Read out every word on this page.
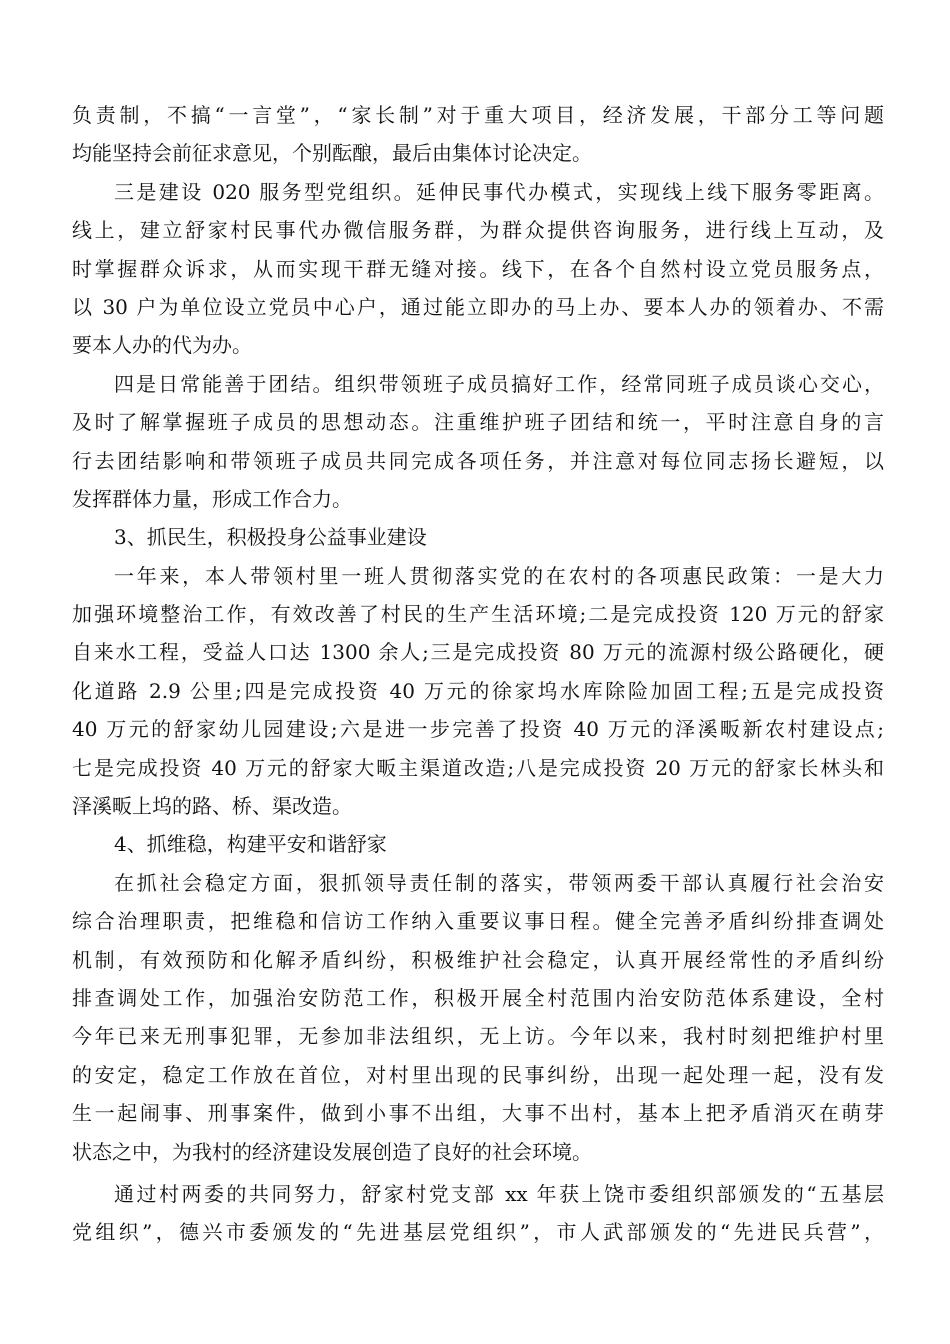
负责制，不搞“一言堂”，“家长制”对于重大项目，经济发展，干部分工等问题
均能坚持会前征求意见，个别酝酿，最后由集体讨论决定。
三是建设 020 服务型党组织。延伸民事代办模式，实现线上线下服务零距离。
线上，建立舒家村民事代办微信服务群，为群众提供咨询服务，进行线上互动，及
时掌握群众诉求，从而实现干群无缝对接。线下，在各个自然村设立党员服务点，
以 30 户为单位设立党员中心户，通过能立即办的马上办、要本人办的领着办、不需
要本人办的代为办。
四是日常能善于团结。组织带领班子成员搞好工作，经常同班子成员谈心交心，
及时了解掌握班子成员的思想动态。注重维护班子团结和统一，平时注意自身的言
行去团结影响和带领班子成员共同完成各项任务，并注意对每位同志扬长避短，以
发挥群体力量，形成工作合力。
3、抓民生，积极投身公益事业建设
一年来，本人带领村里一班人贯彻落实党的在农村的各项惠民政策：一是大力
加强环境整治工作，有效改善了村民的生产生活环境;二是完成投资 120 万元的舒家
自来水工程，受益人口达 1300 余人;三是完成投资 80 万元的流源村级公路硬化，硬
化道路 2.9 公里;四是完成投资 40 万元的徐家坞水库除险加固工程;五是完成投资
40 万元的舒家幼儿园建设;六是进一步完善了投资 40 万元的泽溪畈新农村建设点;
七是完成投资 40 万元的舒家大畈主渠道改造;八是完成投资 20 万元的舒家长林头和
泽溪畈上坞的路、桥、渠改造。
4、抓维稳，构建平安和谐舒家
在抓社会稳定方面，狠抓领导责任制的落实，带领两委干部认真履行社会治安
综合治理职责，把维稳和信访工作纳入重要议事日程。健全完善矛盾纠纷排查调处
机制，有效预防和化解矛盾纠纷，积极维护社会稳定，认真开展经常性的矛盾纠纷
排查调处工作，加强治安防范工作，积极开展全村范围内治安防范体系建设，全村
今年已来无刑事犯罪，无参加非法组织，无上访。今年以来，我村时刻把维护村里
的安定，稳定工作放在首位，对村里出现的民事纠纷，出现一起处理一起，没有发
生一起闹事、刑事案件，做到小事不出组，大事不出村，基本上把矛盾消灭在萌芽
状态之中，为我村的经济建设发展创造了良好的社会环境。
通过村两委的共同努力，舒家村党支部 xx 年获上饶市委组织部颁发的“五基层
党组织”，德兴市委颁发的“先进基层党组织”，市人武部颁发的“先进民兵营”，
